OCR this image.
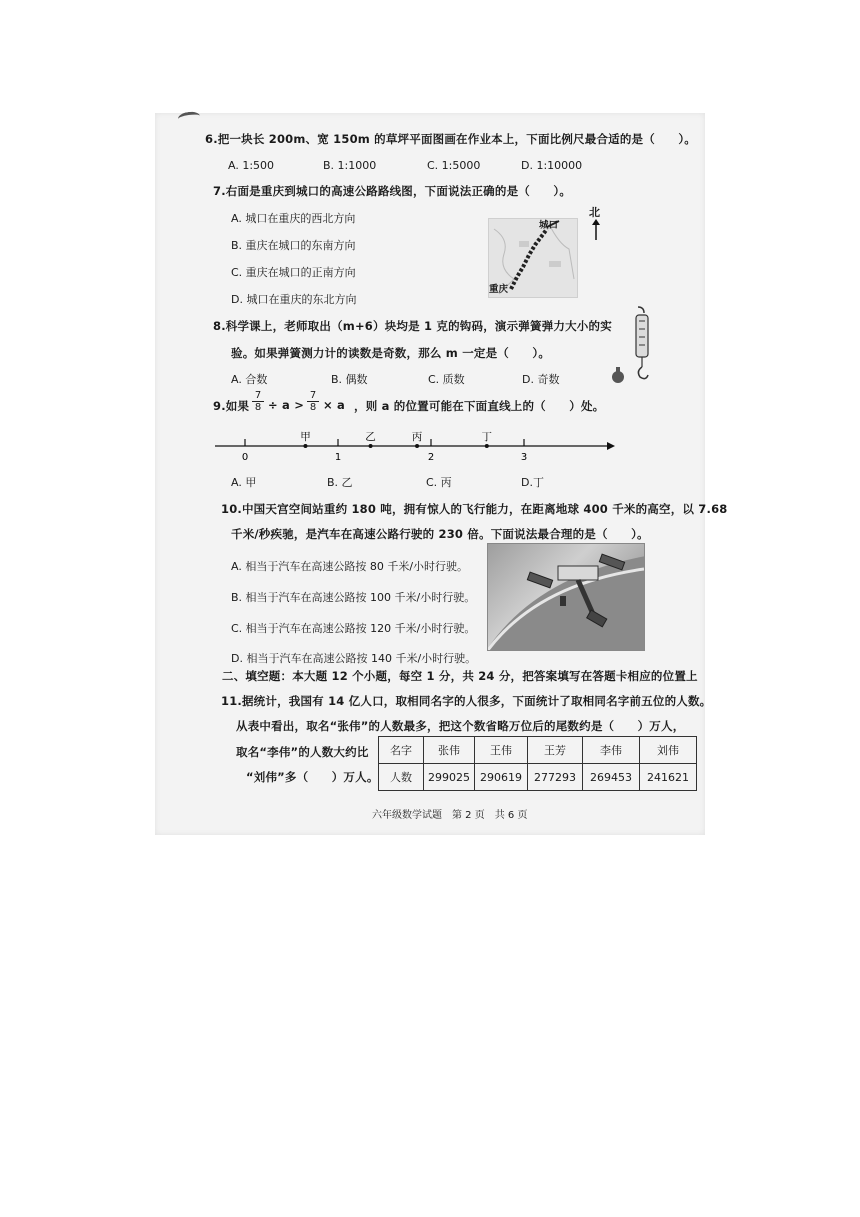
6.把一块长 200m、宽 150m 的草坪平面图画在作业本上，下面比例尺最合适的是（　　）。
A. 1:500	B. 1:1000	C. 1:5000	D. 1:10000
7.右面是重庆到城口的高速公路路线图，下面说法正确的是（　　）。
A. 城口在重庆的西北方向
B. 重庆在城口的东南方向
C. 重庆在城口的正南方向
D. 城口在重庆的东北方向
城口
重庆
北
8.科学课上，老师取出（m+6）块均是 1 克的钩码，演示弹簧弹力大小的实
验。如果弹簧测力计的读数是奇数，那么 m 一定是（　　）。
A. 合数	B. 偶数	C. 质数	D. 奇数
9.如果 $\frac{7}{8} \div a > \frac{7}{8} \times a$ ，则 a 的位置可能在下面直线上的（　　）处。
0	1	2	3
甲	乙	丙	丁
A. 甲	B. 乙	C. 丙	D.丁
10.中国天宫空间站重约 180 吨，拥有惊人的飞行能力，在距离地球 400 千米的高空，以 7.68
千米/秒疾驰，是汽车在高速公路行驶的 230 倍。下面说法最合理的是（　　）。
A. 相当于汽车在高速公路按 80 千米/小时行驶。
B. 相当于汽车在高速公路按 100 千米/小时行驶。
C. 相当于汽车在高速公路按 120 千米/小时行驶。
D. 相当于汽车在高速公路按 140 千米/小时行驶。
二、填空题：本大题 12 个小题，每空 1 分，共 24 分，把答案填写在答题卡相应的位置上
11.据统计，我国有 14 亿人口，取相同名字的人很多，下面统计了取相同名字前五位的人数。
从表中看出，取名“张伟”的人数最多，把这个数省略万位后的尾数约是（　　）万人，
取名“李伟”的人数大约比
“刘伟”多（　　）万人。
名字	张伟	王伟	王芳	李伟	刘伟
人数	299025	290619	277293	269453	241621
六年级数学试题　第 2 页　共 6 页
